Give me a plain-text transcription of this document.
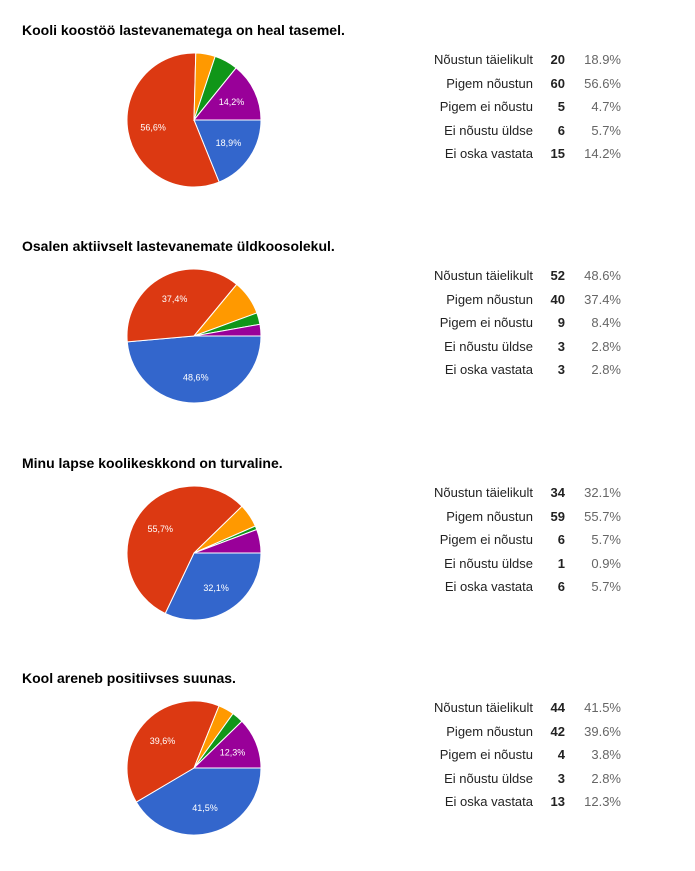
Kooli koostöö lastevanematega on heal tasemel.
18,9%
56,6%
14,2%
Nõustun täielikult	20	18.9%
Pigem nõustun	60	56.6%
Pigem ei nõustu	5	4.7%
Ei nõustu üldse	6	5.7%
Ei oska vastata	15	14.2%
Osalen aktiivselt lastevanemate üldkoosolekul.
48,6%
37,4%
Nõustun täielikult	52	48.6%
Pigem nõustun	40	37.4%
Pigem ei nõustu	9	8.4%
Ei nõustu üldse	3	2.8%
Ei oska vastata	3	2.8%
Minu lapse koolikeskkond on turvaline.
32,1%
55,7%
Nõustun täielikult	34	32.1%
Pigem nõustun	59	55.7%
Pigem ei nõustu	6	5.7%
Ei nõustu üldse	1	0.9%
Ei oska vastata	6	5.7%
Kool areneb positiivses suunas.
41,5%
39,6%
12,3%
Nõustun täielikult	44	41.5%
Pigem nõustun	42	39.6%
Pigem ei nõustu	4	3.8%
Ei nõustu üldse	3	2.8%
Ei oska vastata	13	12.3%
